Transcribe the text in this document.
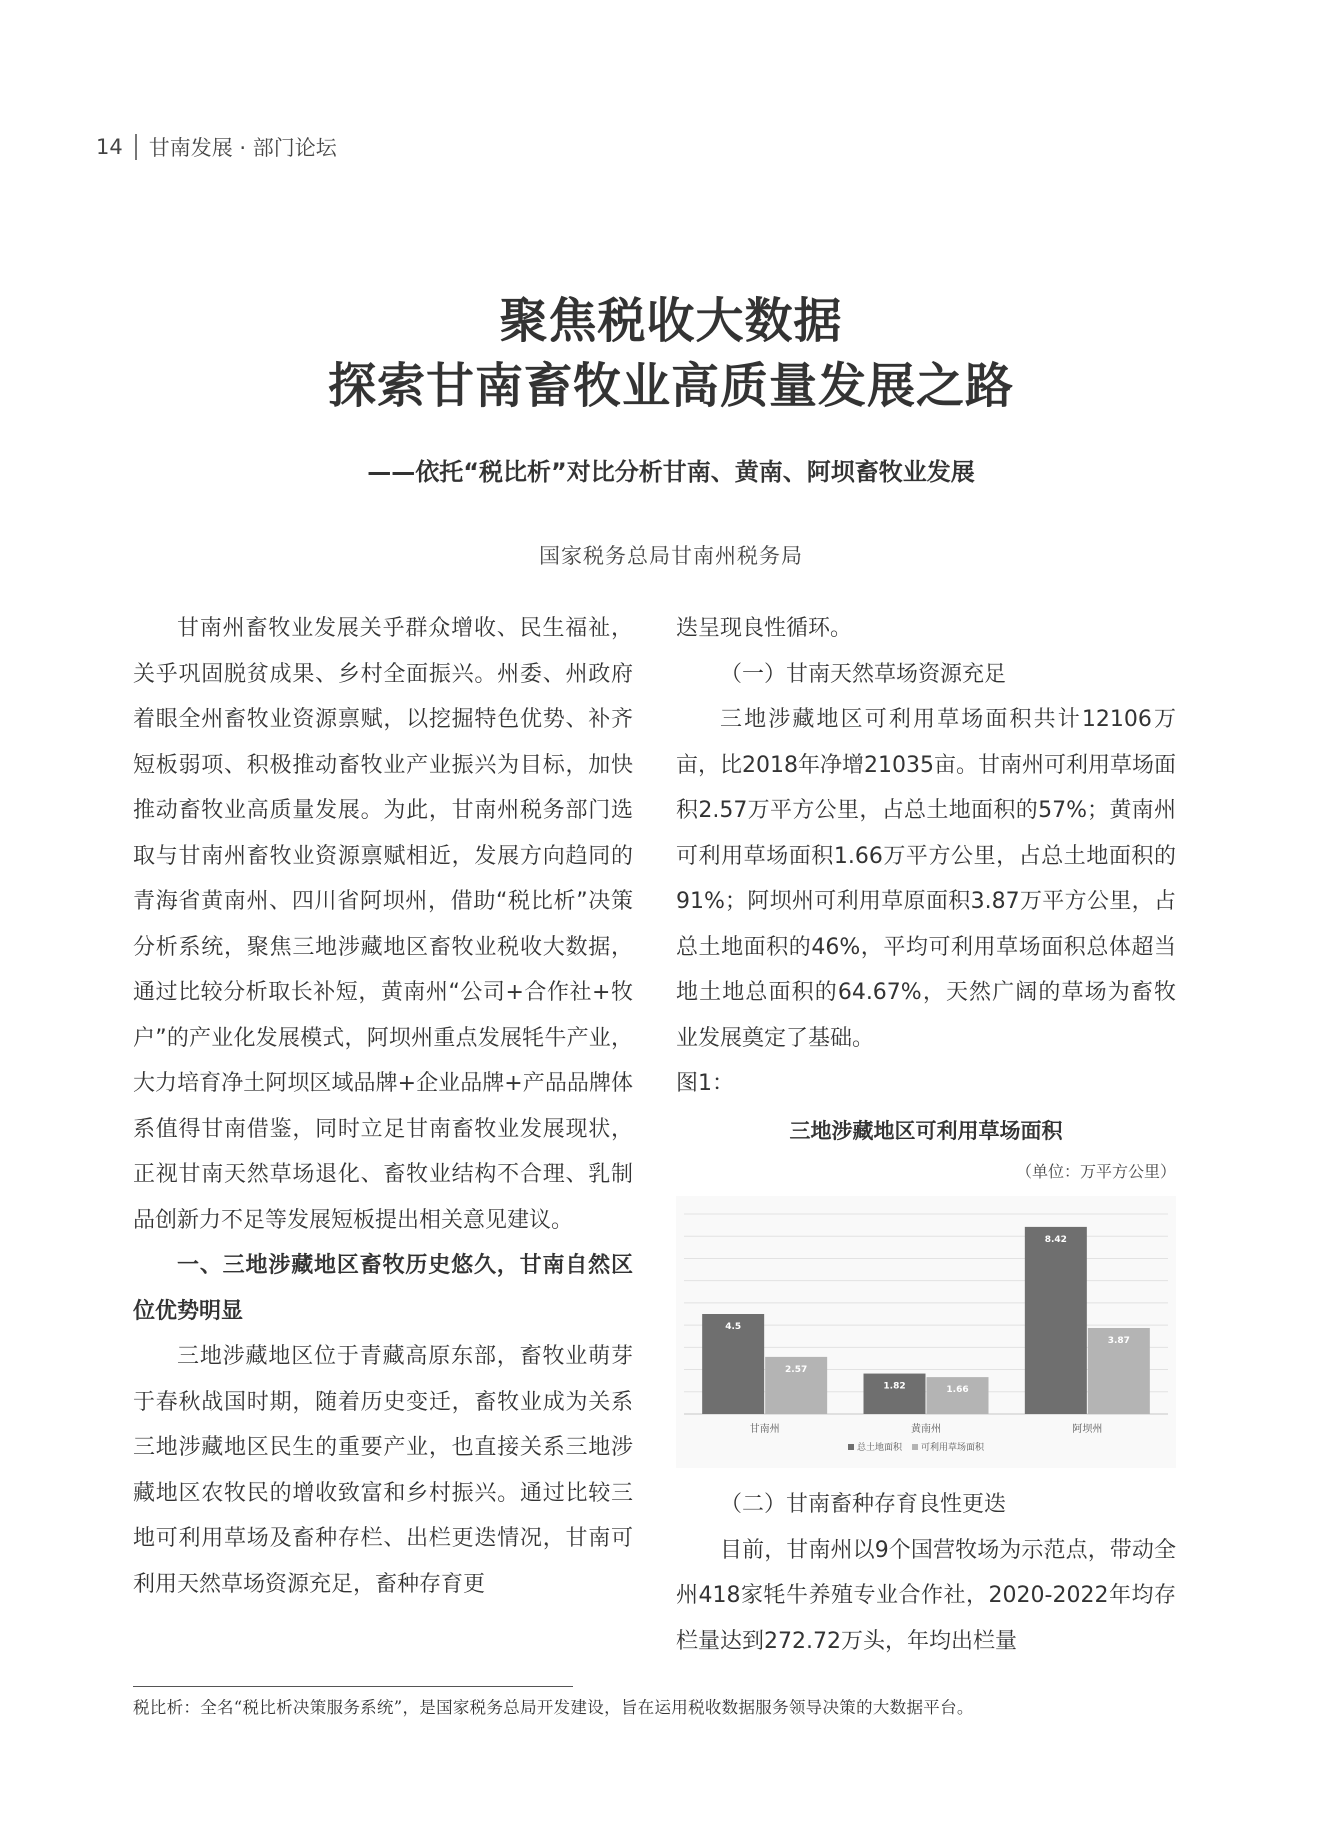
14 甘南发展 · 部门论坛
聚焦税收大数据
探索甘南畜牧业高质量发展之路
——依托“税比析”对比分析甘南、黄南、阿坝畜牧业发展
国家税务总局甘南州税务局

甘南州畜牧业发展关乎群众增收、民生福祉，关乎巩固脱贫成果、乡村全面振兴。州委、州政府着眼全州畜牧业资源禀赋，以挖掘特色优势、补齐短板弱项、积极推动畜牧业产业振兴为目标，加快推动畜牧业高质量发展。为此，甘南州税务部门选取与甘南州畜牧业资源禀赋相近，发展方向趋同的青海省黄南州、四川省阿坝州，借助“税比析”决策分析系统，聚焦三地涉藏地区畜牧业税收大数据，通过比较分析取长补短，黄南州“公司+合作社+牧户”的产业化发展模式，阿坝州重点发展牦牛产业，大力培育净土阿坝区域品牌+企业品牌+产品品牌体系值得甘南借鉴，同时立足甘南畜牧业发展现状，正视甘南天然草场退化、畜牧业结构不合理、乳制品创新力不足等发展短板提出相关意见建议。

一、三地涉藏地区畜牧历史悠久，甘南自然区位优势明显

三地涉藏地区位于青藏高原东部，畜牧业萌芽于春秋战国时期，随着历史变迁，畜牧业成为关系三地涉藏地区民生的重要产业，也直接关系三地涉藏地区农牧民的增收致富和乡村振兴。通过比较三地可利用草场及畜种存栏、出栏更迭情况，甘南可利用天然草场资源充足，畜种存育更

迭呈现良性循环。

（一）甘南天然草场资源充足

三地涉藏地区可利用草场面积共计12106万亩，比2018年净增21035亩。甘南州可利用草场面积2.57万平方公里，占总土地面积的57%；黄南州可利用草场面积1.66万平方公里，占总土地面积的91%；阿坝州可利用草原面积3.87万平方公里，占总土地面积的46%，平均可利用草场面积总体超当地土地总面积的64.67%，天然广阔的草场为畜牧业发展奠定了基础。

图1：

三地涉藏地区可利用草场面积
（单位：万平方公里）
4.5
2.57
甘南州
1.82	1.66
黄南州
8.42
3.87
阿坝州
总土地面积 可利用草场面积

（二）甘南畜种存育良性更迭

目前，甘南州以9个国营牧场为示范点，带动全州418家牦牛养殖专业合作社，2020-2022年均存栏量达到272.72万头，年均出栏量

税比析：全名“税比析决策服务系统”，是国家税务总局开发建设，旨在运用税收数据服务领导决策的大数据平台。
